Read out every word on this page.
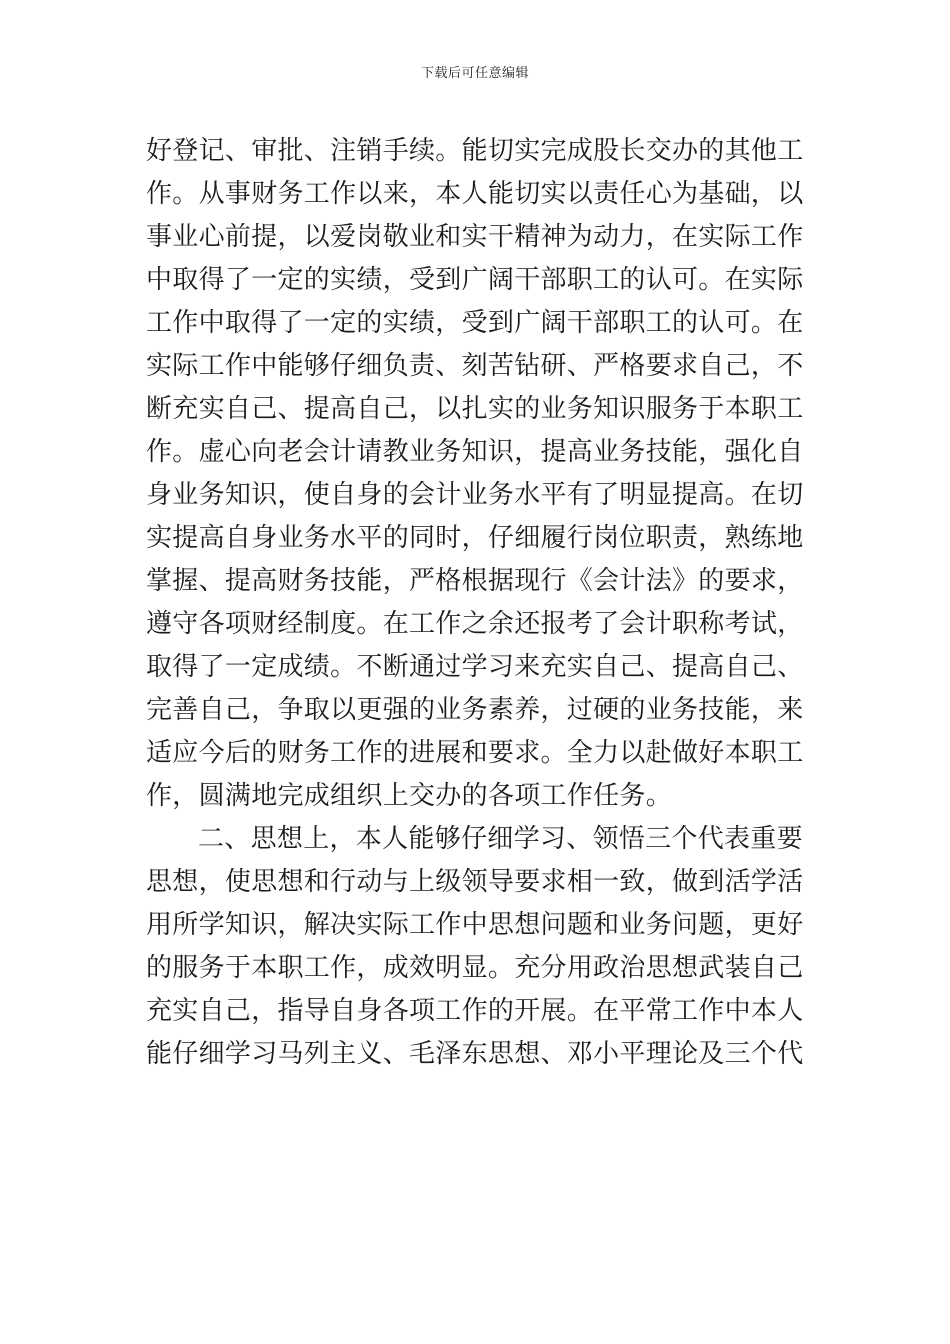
下载后可任意编辑
好登记、审批、注销手续。能切实完成股长交办的其他工
作。从事财务工作以来，本人能切实以责任心为基础，以
事业心前提，以爱岗敬业和实干精神为动力，在实际工作
中取得了一定的实绩，受到广阔干部职工的认可。在实际
工作中取得了一定的实绩，受到广阔干部职工的认可。在
实际工作中能够仔细负责、刻苦钻研、严格要求自己，不
断充实自己、提高自己，以扎实的业务知识服务于本职工
作。虚心向老会计请教业务知识，提高业务技能，强化自
身业务知识，使自身的会计业务水平有了明显提高。在切
实提高自身业务水平的同时，仔细履行岗位职责，熟练地
掌握、提高财务技能，严格根据现行《会计法》的要求，
遵守各项财经制度。在工作之余还报考了会计职称考试，
取得了一定成绩。不断通过学习来充实自己、提高自己、
完善自己，争取以更强的业务素养，过硬的业务技能，来
适应今后的财务工作的进展和要求。全力以赴做好本职工
作，圆满地完成组织上交办的各项工作任务。
二、思想上，本人能够仔细学习、领悟三个代表重要
思想，使思想和行动与上级领导要求相一致，做到活学活
用所学知识，解决实际工作中思想问题和业务问题，更好
的服务于本职工作，成效明显。充分用政治思想武装自己
充实自己，指导自身各项工作的开展。在平常工作中本人
能仔细学习马列主义、毛泽东思想、邓小平理论及三个代
